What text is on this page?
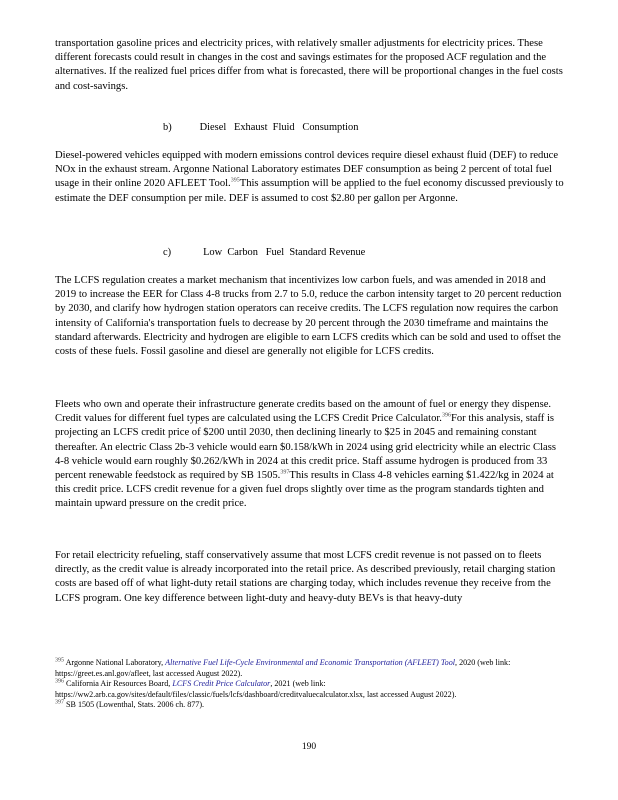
transportation gasoline prices and electricity prices, with relatively smaller adjustments for electricity prices. These different forecasts could result in changes in the cost and savings estimates for the proposed ACF regulation and the alternatives. If the realized fuel prices differ from what is forecasted, there will be proportional changes in the fuel costs and cost-savings.

b)	Diesel   Exhaust  Fluid   Consumption

Diesel-powered vehicles equipped with modern emissions control devices require diesel exhaust fluid (DEF) to reduce NOx in the exhaust stream. Argonne National Laboratory estimates DEF consumption as being 2 percent of total fuel usage in their online 2020 AFLEET Tool.$^{395}$This assumption will be applied to the fuel economy discussed previously to estimate the DEF consumption per mile. DEF is assumed to cost $2.80 per gallon per Argonne.

c)	Low  Carbon   Fuel  Standard Revenue

The LCFS regulation creates a market mechanism that incentivizes low carbon fuels, and was amended in 2018 and 2019 to increase the EER for Class 4-8 trucks from 2.7 to 5.0, reduce the carbon intensity target to 20 percent reduction by 2030, and clarify how hydrogen station operators can receive credits. The LCFS regulation now requires the carbon intensity of California's transportation fuels to decrease by 20 percent through the 2030 timeframe and maintains the standard afterwards. Electricity and hydrogen are eligible to earn LCFS credits which can be sold and used to offset the costs of these fuels. Fossil gasoline and diesel are generally not eligible for LCFS credits.

Fleets who own and operate their infrastructure generate credits based on the amount of fuel or energy they dispense. Credit values for different fuel types are calculated using the LCFS Credit Price Calculator.$^{396}$For this analysis, staff is projecting an LCFS credit price of $200 until 2030, then declining linearly to $25 in 2045 and remaining constant thereafter. An electric Class 2b-3 vehicle would earn $0.158/kWh in 2024 using grid electricity while an electric Class 4-8 vehicle would earn roughly $0.262/kWh in 2024 at this credit price. Staff assume hydrogen is produced from 33 percent renewable feedstock as required by SB 1505.$^{397}$This results in Class 4-8 vehicles earning $1.422/kg in 2024 at this credit price. LCFS credit revenue for a given fuel drops slightly over time as the program standards tighten and maintain upward pressure on the credit price.

For retail electricity refueling, staff conservatively assume that most LCFS credit revenue is not passed on to fleets directly, as the credit value is already incorporated into the retail price. As described previously, retail charging station costs are based off of what light-duty retail stations are charging today, which includes revenue they receive from the LCFS program. One key difference between light-duty and heavy-duty BEVs is that heavy-duty

$^{395}$ Argonne National Laboratory, Alternative Fuel Life-Cycle Environmental and Economic Transportation (AFLEET) Tool, 2020 (web link: https://greet.es.anl.gov/afleet, last accessed August 2022).

$^{396}$ California Air Resources Board, LCFS Credit Price Calculator, 2021 (web link: https://ww2.arb.ca.gov/sites/default/files/classic/fuels/lcfs/dashboard/creditvaluecalculator.xlsx, last accessed August 2022).

$^{397}$ SB 1505 (Lowenthal, Stats. 2006 ch. 877).

190
